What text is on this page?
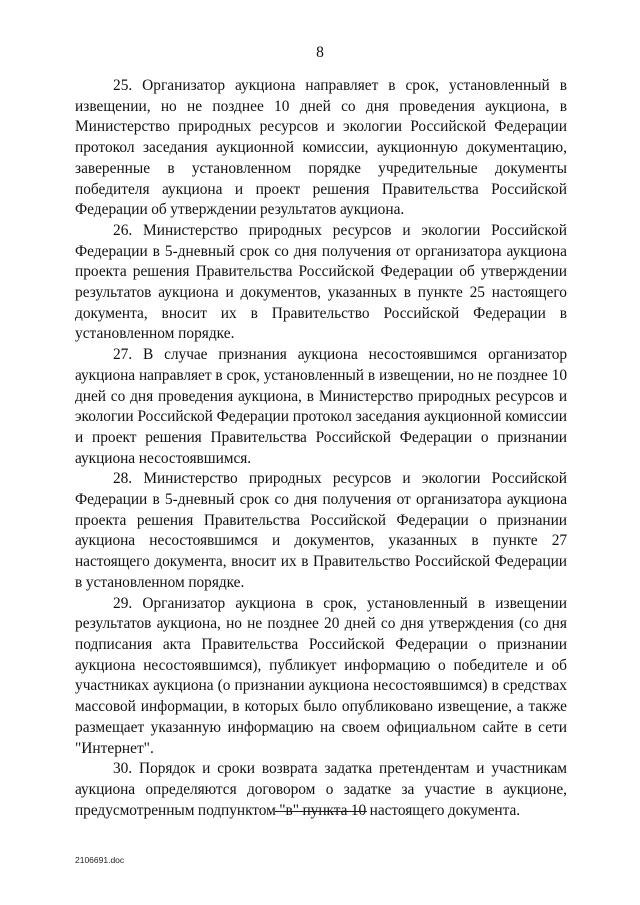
8

25. Организатор аукциона направляет в срок, установленный в извещении, но не позднее 10 дней со дня проведения аукциона, в Министерство природных ресурсов и экологии Российской Федерации протокол заседания аукционной комиссии, аукционную документацию, заверенные в установленном порядке учредительные документы победителя аукциона и проект решения Правительства Российской Федерации об утверждении результатов аукциона.

26. Министерство природных ресурсов и экологии Российской Федерации в 5-дневный срок со дня получения от организатора аукциона проекта решения Правительства Российской Федерации об утверждении результатов аукциона и документов, указанных в пункте 25 настоящего документа, вносит их в Правительство Российской Федерации в установленном порядке.

27. В случае признания аукциона несостоявшимся организатор аукциона направляет в срок, установленный в извещении, но не позднее 10 дней со дня проведения аукциона, в Министерство природных ресурсов и экологии Российской Федерации протокол заседания аукционной комиссии и проект решения Правительства Российской Федерации о признании аукциона несостоявшимся.

28. Министерство природных ресурсов и экологии Российской Федерации в 5-дневный срок со дня получения от организатора аукциона проекта решения Правительства Российской Федерации о признании аукциона несостоявшимся и документов, указанных в пункте 27 настоящего документа, вносит их в Правительство Российской Федерации в установленном порядке.

29. Организатор аукциона в срок, установленный в извещении результатов аукциона, но не позднее 20 дней со дня утверждения (со дня подписания акта Правительства Российской Федерации о признании аукциона несостоявшимся), публикует информацию о победителе и об участниках аукциона (о признании аукциона несостоявшимся) в средствах массовой информации, в которых было опубликовано извещение, а также размещает указанную информацию на своем официальном сайте в сети "Интернет".

30. Порядок и сроки возврата задатка претендентам и участникам аукциона определяются договором о задатке за участие в аукционе, предусмотренным подпунктом "в" пункта 10 настоящего документа.

2106691.doc
